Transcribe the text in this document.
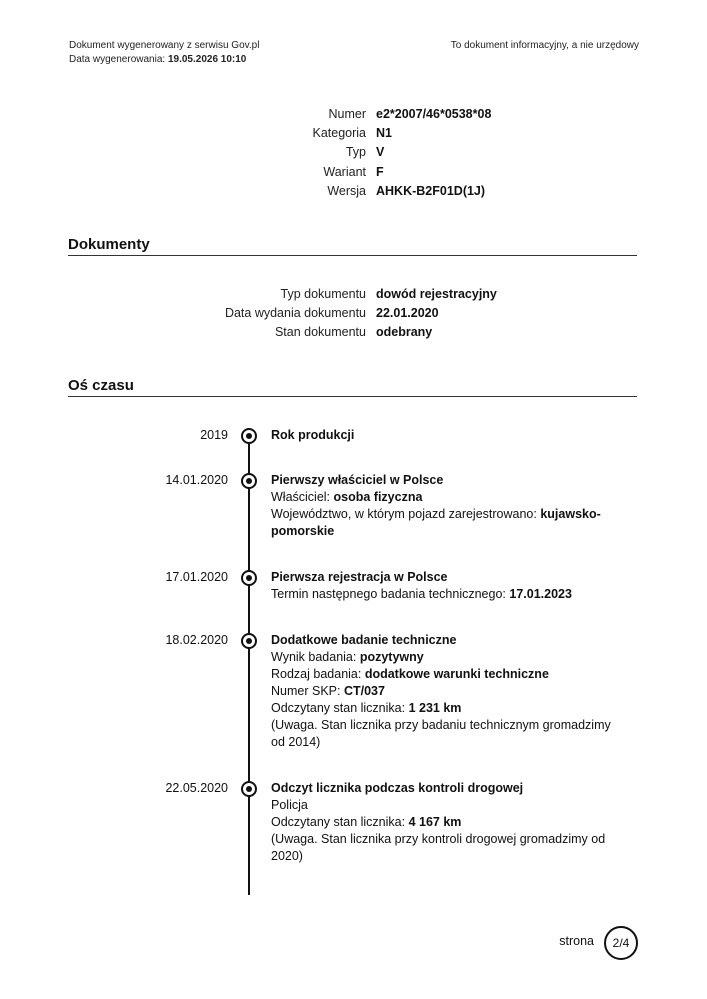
Dokument wygenerowany z serwisu Gov.pl
Data wygenerowania: 19.05.2026 10:10
To dokument informacyjny, a nie urzędowy
Numer e2*2007/46*0538*08
Kategoria N1
Typ V
Wariant F
Wersja AHKK-B2F01D(1J)
Dokumenty
Typ dokumentu dowód rejestracyjny
Data wydania dokumentu 22.01.2020
Stan dokumentu odebrany
Oś czasu
2019	Rok produkcji
14.01.2020	Pierwszy właściciel w Polsce
Właściciel: osoba fizyczna
Województwo, w którym pojazd zarejestrowano: kujawsko-pomorskie
17.01.2020	Pierwsza rejestracja w Polsce
Termin następnego badania technicznego: 17.01.2023
18.02.2020	Dodatkowe badanie techniczne
Wynik badania: pozytywny
Rodzaj badania: dodatkowe warunki techniczne
Numer SKP: CT/037
Odczytany stan licznika: 1 231 km
(Uwaga. Stan licznika przy badaniu technicznym gromadzimy od 2014)
22.05.2020	Odczyt licznika podczas kontroli drogowej
Policja
Odczytany stan licznika: 4 167 km
(Uwaga. Stan licznika przy kontroli drogowej gromadzimy od 2020)
strona	2/4
